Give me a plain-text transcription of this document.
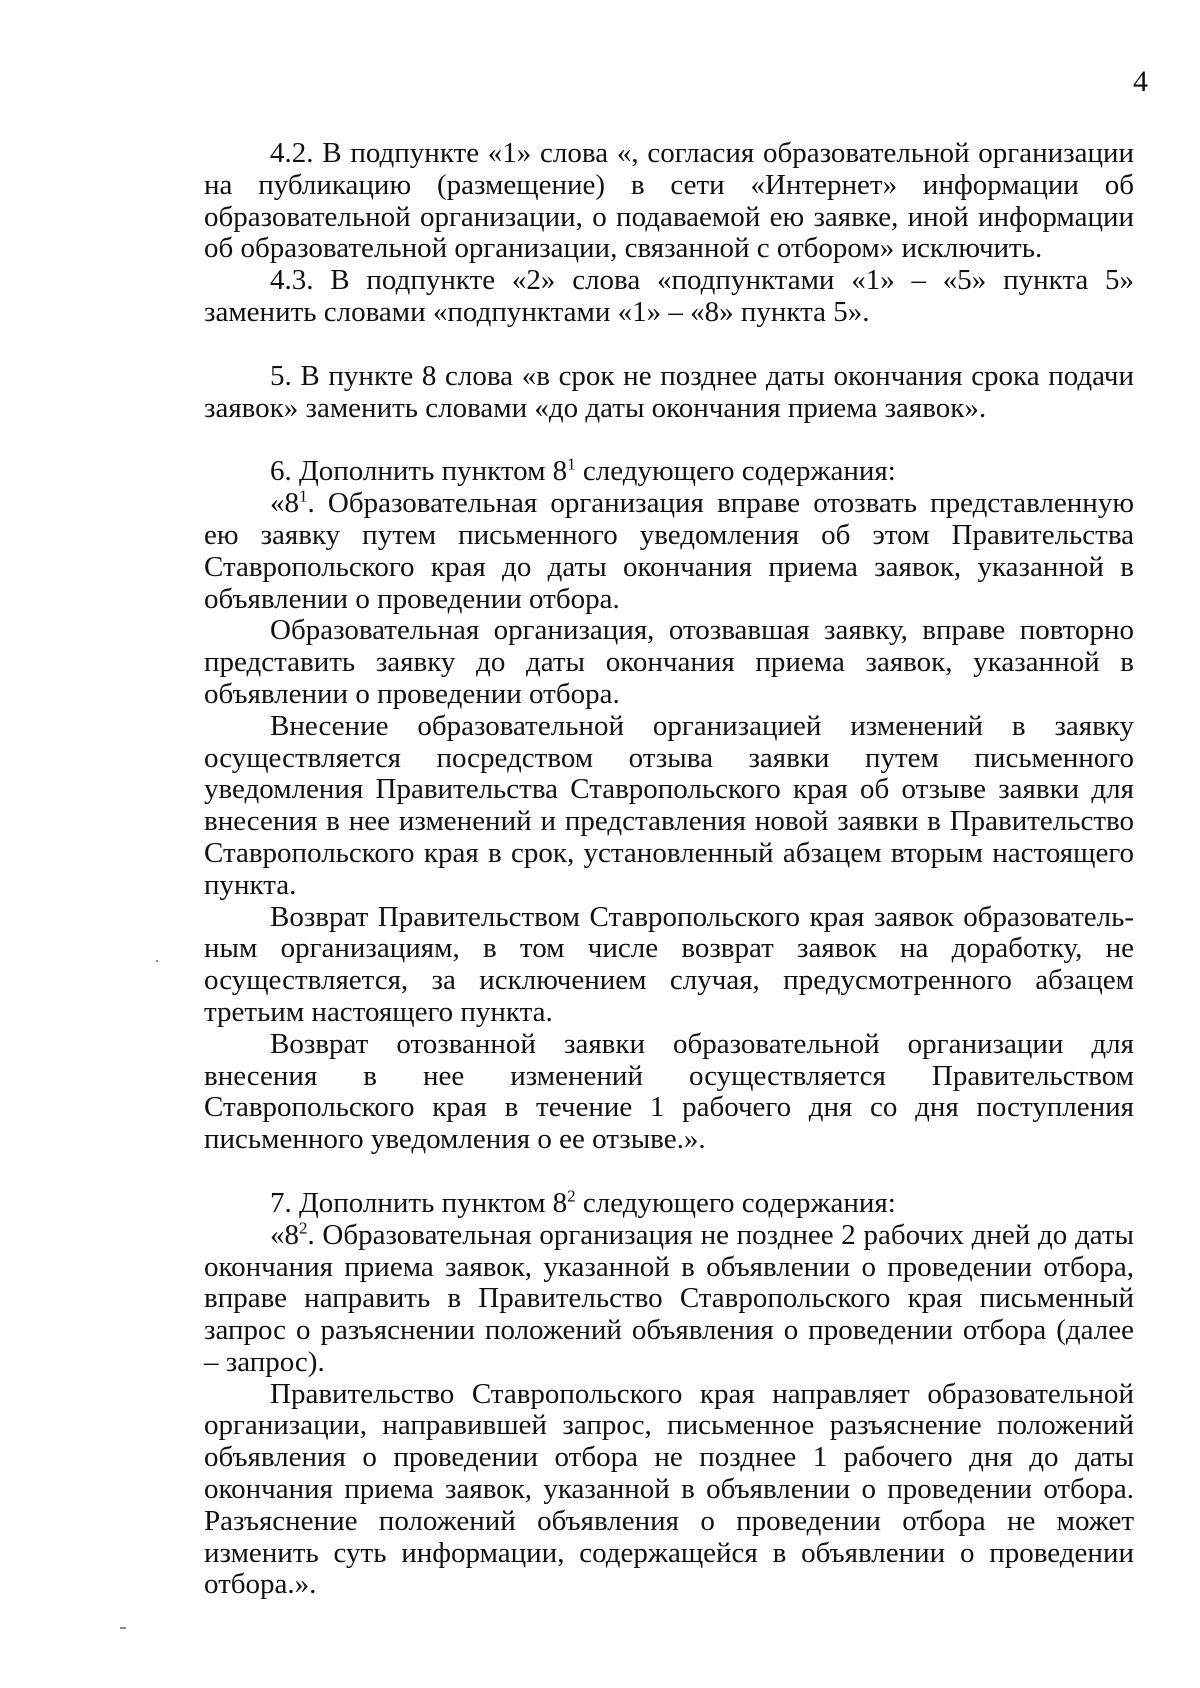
4

4.2. В подпункте «1» слова «, согласия образовательной организации на публикацию (размещение) в сети «Интернет» информации об образовательной организации, о подаваемой ею заявке, иной информации об образовательной организации, связанной с отбором» исключить.

4.3. В подпункте «2» слова «подпунктами «1» – «5» пункта 5» заменить словами «подпунктами «1» – «8» пункта 5».

5. В пункте 8 слова «в срок не позднее даты окончания срока подачи заявок» заменить словами «до даты окончания приема заявок».

6. Дополнить пунктом $8^1$ следующего содержания:

«$8^1$. Образовательная организация вправе отозвать представленную ею заявку путем письменного уведомления об этом Правительства Ставропольского края до даты окончания приема заявок, указанной в объявлении о проведении отбора.

Образовательная организация, отозвавшая заявку, вправе повторно представить заявку до даты окончания приема заявок, указанной в объявлении о проведении отбора.

Внесение образовательной организацией изменений в заявку осуществляется посредством отзыва заявки путем письменного уведомления Правительства Ставропольского края об отзыве заявки для внесения в нее изменений и представления новой заявки в Правительство Ставропольского края в срок, установленный абзацем вторым настоящего пункта.

Возврат Правительством Ставропольского края заявок образовательным организациям, в том числе возврат заявок на доработку, не осуществляется, за исключением случая, предусмотренного абзацем третьим настоящего пункта.

Возврат отозванной заявки образовательной организации для внесения в нее изменений осуществляется Правительством Ставропольского края в течение 1 рабочего дня со дня поступления письменного уведомления о ее отзыве.».

7. Дополнить пунктом $8^2$ следующего содержания:

«$8^2$. Образовательная организация не позднее 2 рабочих дней до даты окончания приема заявок, указанной в объявлении о проведении отбора, вправе направить в Правительство Ставропольского края письменный запрос о разъяснении положений объявления о проведении отбора (далее – запрос).

Правительство Ставропольского края направляет образовательной организации, направившей запрос, письменное разъяснение положений объявления о проведении отбора не позднее 1 рабочего дня до даты окончания приема заявок, указанной в объявлении о проведении отбора. Разъяснение положений объявления о проведении отбора не может изменить суть информации, содержащейся в объявлении о проведении отбора.».
